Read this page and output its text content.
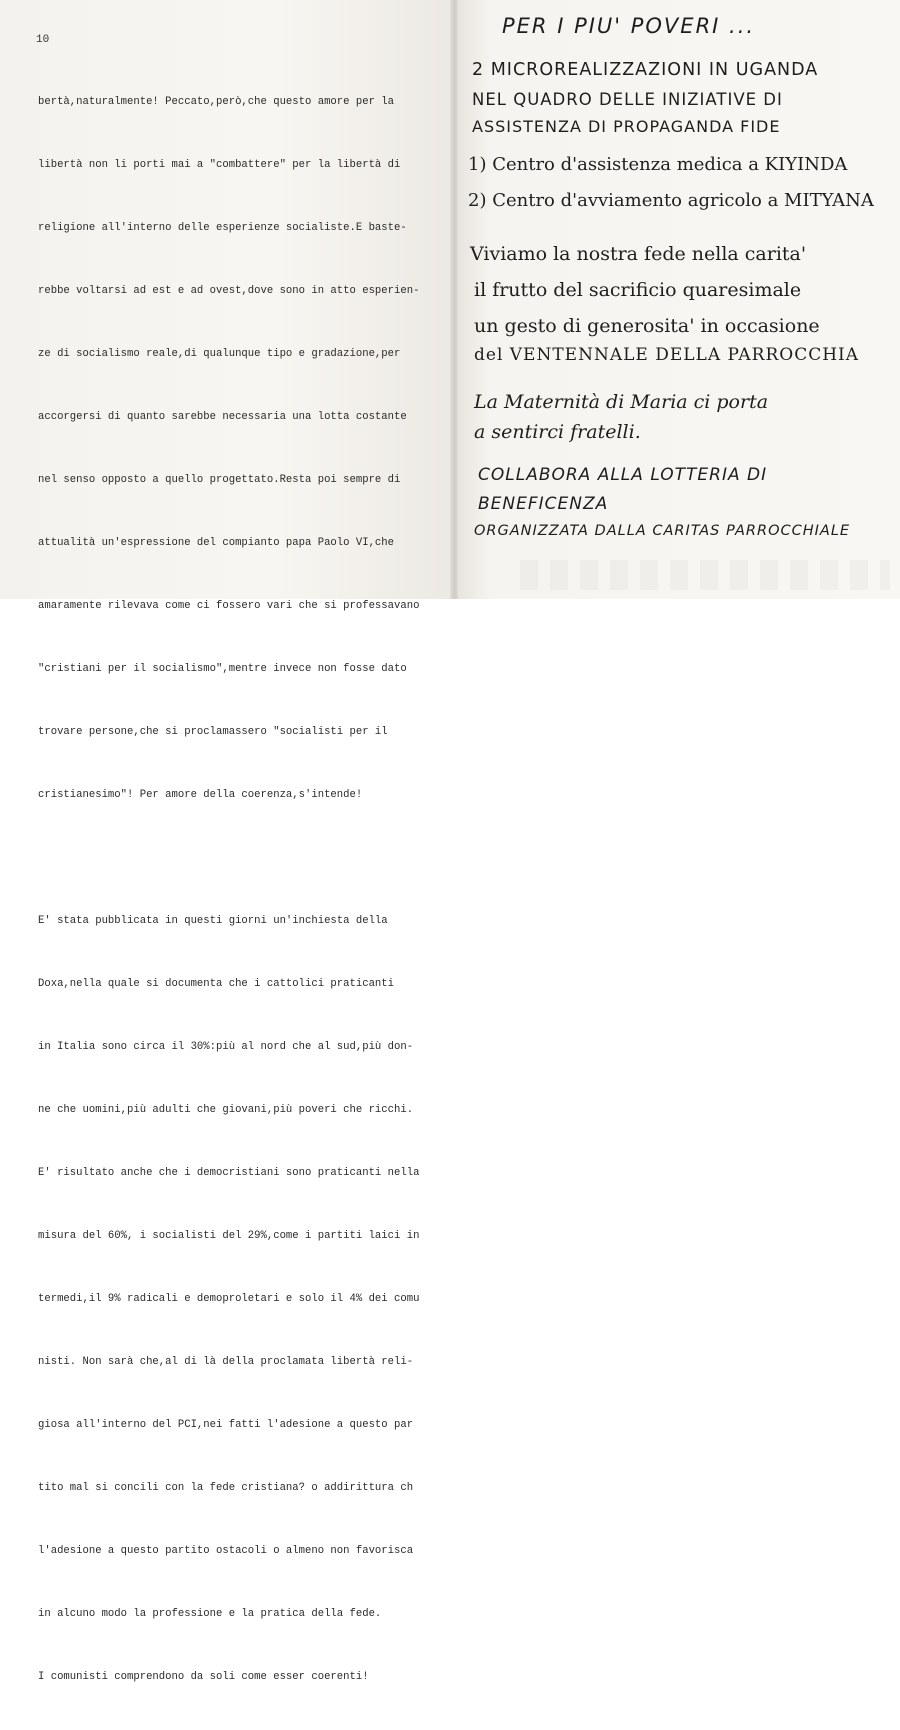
10

bertà,naturalmente! Peccato,però,che questo amore per la

libertà non li porti mai a "combattere" per la libertà di

religione all'interno delle esperienze socialiste.E baste-

rebbe voltarsi ad est e ad ovest,dove sono in atto esperien-

ze di socialismo reale,di qualunque tipo e gradazione,per

accorgersi di quanto sarebbe necessaria una lotta costante

nel senso opposto a quello progettato.Resta poi sempre di

attualità un'espressione del compianto papa Paolo VI,che

amaramente rilevava come ci fossero vari che si professavano

"cristiani per il socialismo",mentre invece non fosse dato

trovare persone,che si proclamassero "socialisti per il

cristianesimo"! Per amore della coerenza,s'intende!

E' stata pubblicata in questi giorni un'inchiesta della

Doxa,nella quale si documenta che i cattolici praticanti

in Italia sono circa il 30%:più al nord che al sud,più don-

ne che uomini,più adulti che giovani,più poveri che ricchi.

E' risultato anche che i democristiani sono praticanti nella

misura del 60%, i socialisti del 29%,come i partiti laici in

termedi,il 9% radicali e demoproletari e solo il 4% dei comu

nisti. Non sarà che,al di là della proclamata libertà reli-

giosa all'interno del PCI,nei fatti l'adesione a questo par

tito mal si concili con la fede cristiana? o addirittura ch

l'adesione a questo partito ostacoli o almeno non favorisca

in alcuno modo la professione e la pratica della fede.

I comunisti comprendono da soli come esser coerenti!

PER I PIU' POVERI ...
2 MICROREALIZZAZIONI IN UGANDA
NEL QUADRO DELLE INIZIATIVE DI
ASSISTENZA DI PROPAGANDA FIDE
1) Centro d'assistenza medica a KIYINDA
2) Centro d'avviamento agricolo a MITYANA
Viviamo la nostra fede nella carita'
il frutto del sacrificio quaresimale
un gesto di generosita' in occasione
del VENTENNALE DELLA PARROCCHIA
La Maternità di Maria ci porta
a sentirci fratelli.
COLLABORA ALLA LOTTERIA DI
BENEFICENZA
ORGANIZZATA DALLA CARITAS PARROCCHIALE
